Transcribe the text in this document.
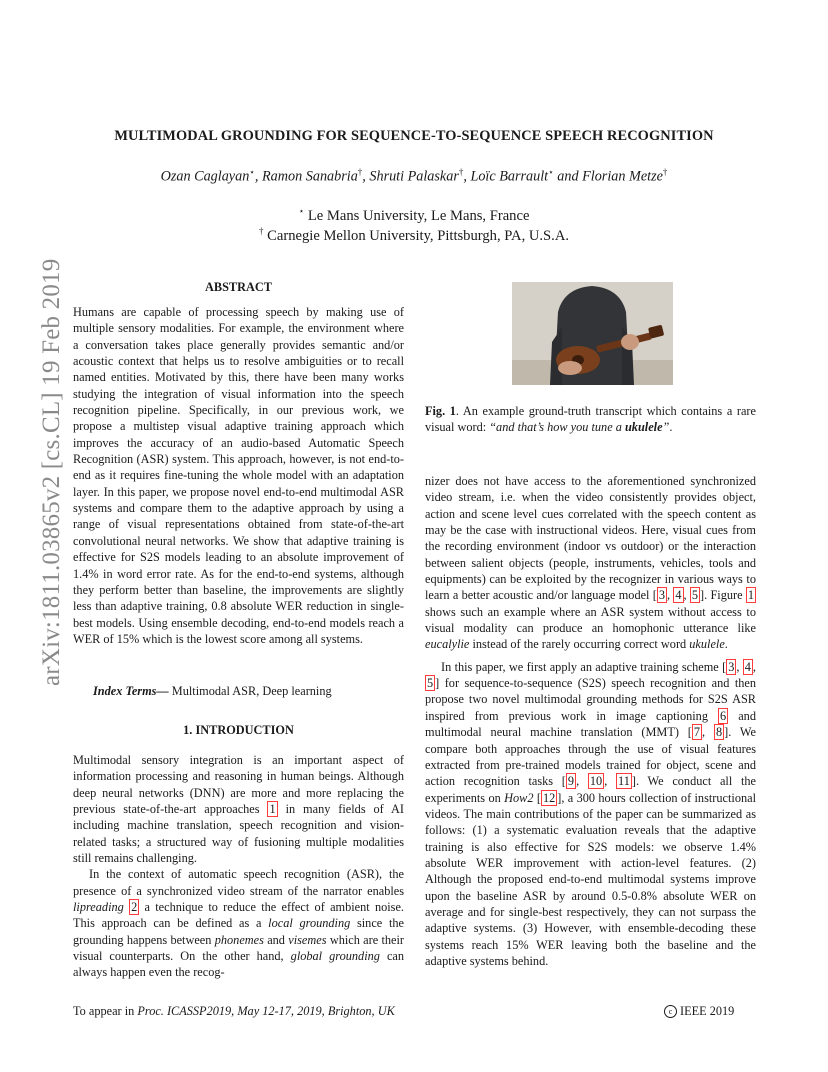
arXiv:1811.03865v2 [cs.CL] 19 Feb 2019
MULTIMODAL GROUNDING FOR SEQUENCE-TO-SEQUENCE SPEECH RECOGNITION
Ozan Caglayan⋆, Ramon Sanabria†, Shruti Palaskar†, Loïc Barrault⋆ and Florian Metze†
⋆ Le Mans University, Le Mans, France
† Carnegie Mellon University, Pittsburgh, PA, U.S.A.
ABSTRACT

Humans are capable of processing speech by making use of multiple sensory modalities. For example, the environment where a conversation takes place generally provides semantic and/or acoustic context that helps us to resolve ambiguities or to recall named entities. Motivated by this, there have been many works studying the integration of visual information into the speech recognition pipeline. Specifically, in our previous work, we propose a multistep visual adaptive training approach which improves the accuracy of an audio-based Automatic Speech Recognition (ASR) system. This approach, however, is not end-to-end as it requires fine-tuning the whole model with an adaptation layer. In this paper, we propose novel end-to-end multimodal ASR systems and compare them to the adaptive approach by using a range of visual representations obtained from state-of-the-art convolutional neural networks. We show that adaptive training is effective for S2S models leading to an absolute improvement of 1.4% in word error rate. As for the end-to-end systems, although they perform better than baseline, the improvements are slightly less than adaptive training, 0.8 absolute WER reduction in single-best models. Using ensemble decoding, end-to-end models reach a WER of 15% which is the lowest score among all systems.

Index Terms— Multimodal ASR, Deep learning
1. INTRODUCTION

Multimodal sensory integration is an important aspect of information processing and reasoning in human beings. Although deep neural networks (DNN) are more and more replacing the previous state-of-the-art approaches 1 in many fields of AI including machine translation, speech recognition and vision-related tasks; a structured way of fusioning multiple modalities still remains challenging.

In the context of automatic speech recognition (ASR), the presence of a synchronized video stream of the narrator enables lipreading 2 a technique to reduce the effect of ambient noise. This approach can be defined as a local grounding since the grounding happens between phonemes and visemes which are their visual counterparts. On the other hand, global grounding can always happen even the recog-

Fig. 1. An example ground-truth transcript which contains a rare visual word: “and that’s how you tune a ukulele”.

nizer does not have access to the aforementioned synchronized video stream, i.e. when the video consistently provides object, action and scene level cues correlated with the speech content as may be the case with instructional videos. Here, visual cues from the recording environment (indoor vs outdoor) or the interaction between salient objects (people, instruments, vehicles, tools and equipments) can be exploited by the recognizer in various ways to learn a better acoustic and/or language model [ 3 , 4 , 5 ]. Figure 1 shows such an example where an ASR system without access to visual modality can produce an homophonic utterance like eucalylie instead of the rarely occurring correct word ukulele.

In this paper, we first apply an adaptive training scheme [ 3 , 4 , 5 ] for sequence-to-sequence (S2S) speech recognition and then propose two novel multimodal grounding methods for S2S ASR inspired from previous work in image captioning 6 and multimodal neural machine translation (MMT) [ 7 , 8 ]. We compare both approaches through the use of visual features extracted from pre-trained models trained for object, scene and action recognition tasks [ 9 , 10 , 11 ]. We conduct all the experiments on How2 [ 12 ], a 300 hours collection of instructional videos. The main contributions of the paper can be summarized as follows: (1) a systematic evaluation reveals that the adaptive training is also effective for S2S models: we observe 1.4% absolute WER improvement with action-level features. (2) Although the proposed end-to-end multimodal systems improve upon the baseline ASR by around 0.5-0.8% absolute WER on average and for single-best respectively, they can not surpass the adaptive systems. (3) However, with ensemble-decoding these systems reach 15% WER leaving both the baseline and the adaptive systems behind.

To appear in Proc. ICASSP2019, May 12-17, 2019, Brighton, UK	c IEEE 2019
